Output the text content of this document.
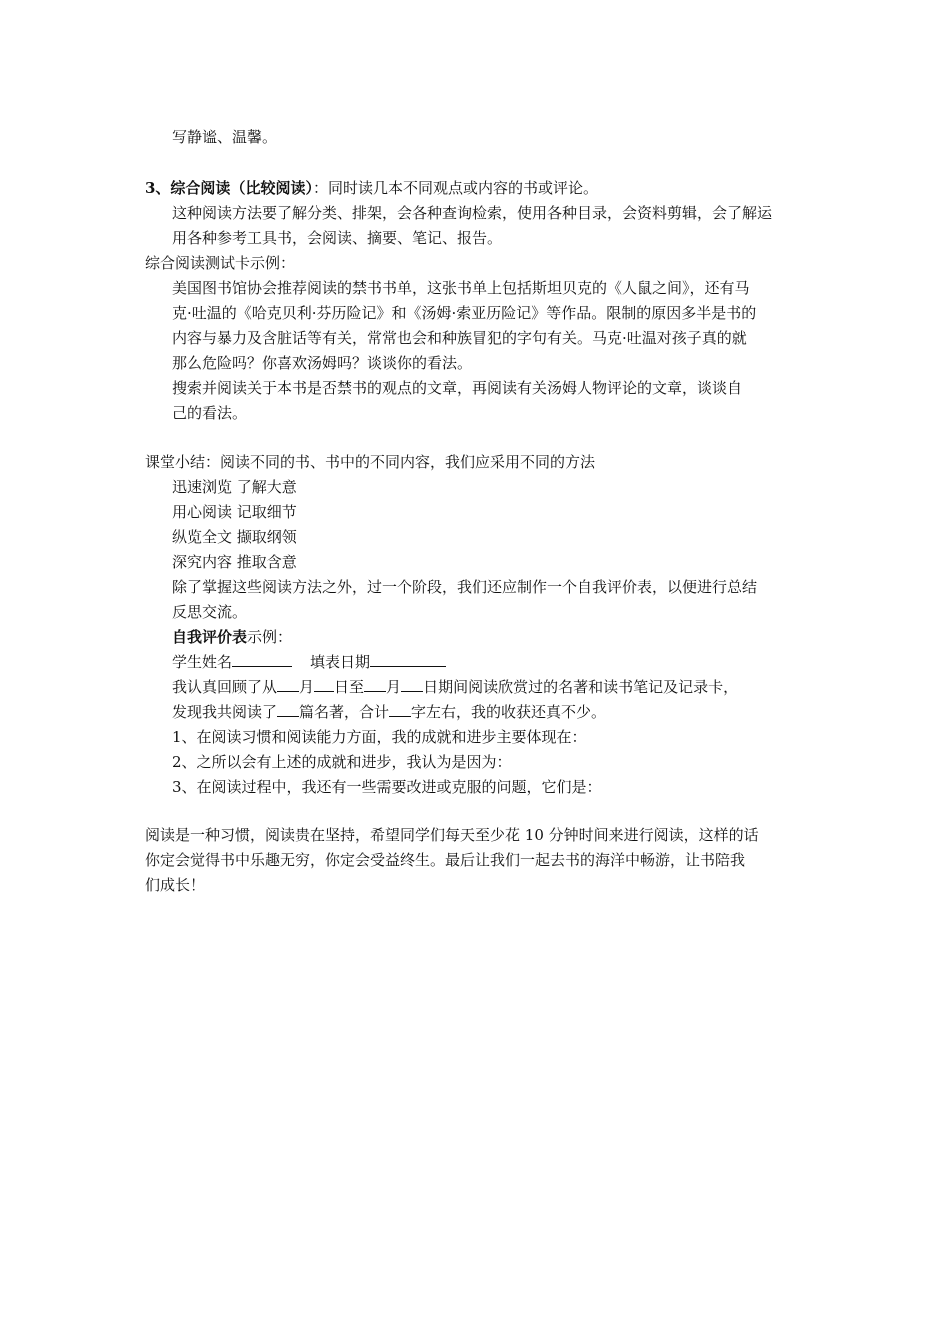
写静谧、温馨。
3、综合阅读（比较阅读）：同时读几本不同观点或内容的书或评论。
这种阅读方法要了解分类、排架，会各种查询检索，使用各种目录，会资料剪辑，会了解运
用各种参考工具书，会阅读、摘要、笔记、报告。
综合阅读测试卡示例：
美国图书馆协会推荐阅读的禁书书单，这张书单上包括斯坦贝克的《人鼠之间》，还有马
克·吐温的《哈克贝利·芬历险记》和《汤姆·索亚历险记》等作品。限制的原因多半是书的
内容与暴力及含脏话等有关，常常也会和种族冒犯的字句有关。马克·吐温对孩子真的就
那么危险吗？你喜欢汤姆吗？谈谈你的看法。
搜索并阅读关于本书是否禁书的观点的文章，再阅读有关汤姆人物评论的文章，谈谈自
己的看法。
课堂小结：阅读不同的书、书中的不同内容，我们应采用不同的方法
迅速浏览 了解大意
用心阅读 记取细节
纵览全文 撷取纲领
深究内容 推取含意
除了掌握这些阅读方法之外，过一个阶段，我们还应制作一个自我评价表，以便进行总结
反思交流。
自我评价表示例：
学生姓名	填表日期
我认真回顾了从 月 日至 月 日期间阅读欣赏过的名著和读书笔记及记录卡，
发现我共阅读了 篇名著，合计 字左右，我的收获还真不少。
1、在阅读习惯和阅读能力方面，我的成就和进步主要体现在：
2、之所以会有上述的成就和进步，我认为是因为：
3、在阅读过程中，我还有一些需要改进或克服的问题，它们是：
阅读是一种习惯，阅读贵在坚持，希望同学们每天至少花 10 分钟时间来进行阅读，这样的话
你定会觉得书中乐趣无穷，你定会受益终生。最后让我们一起去书的海洋中畅游，让书陪我
们成长！
